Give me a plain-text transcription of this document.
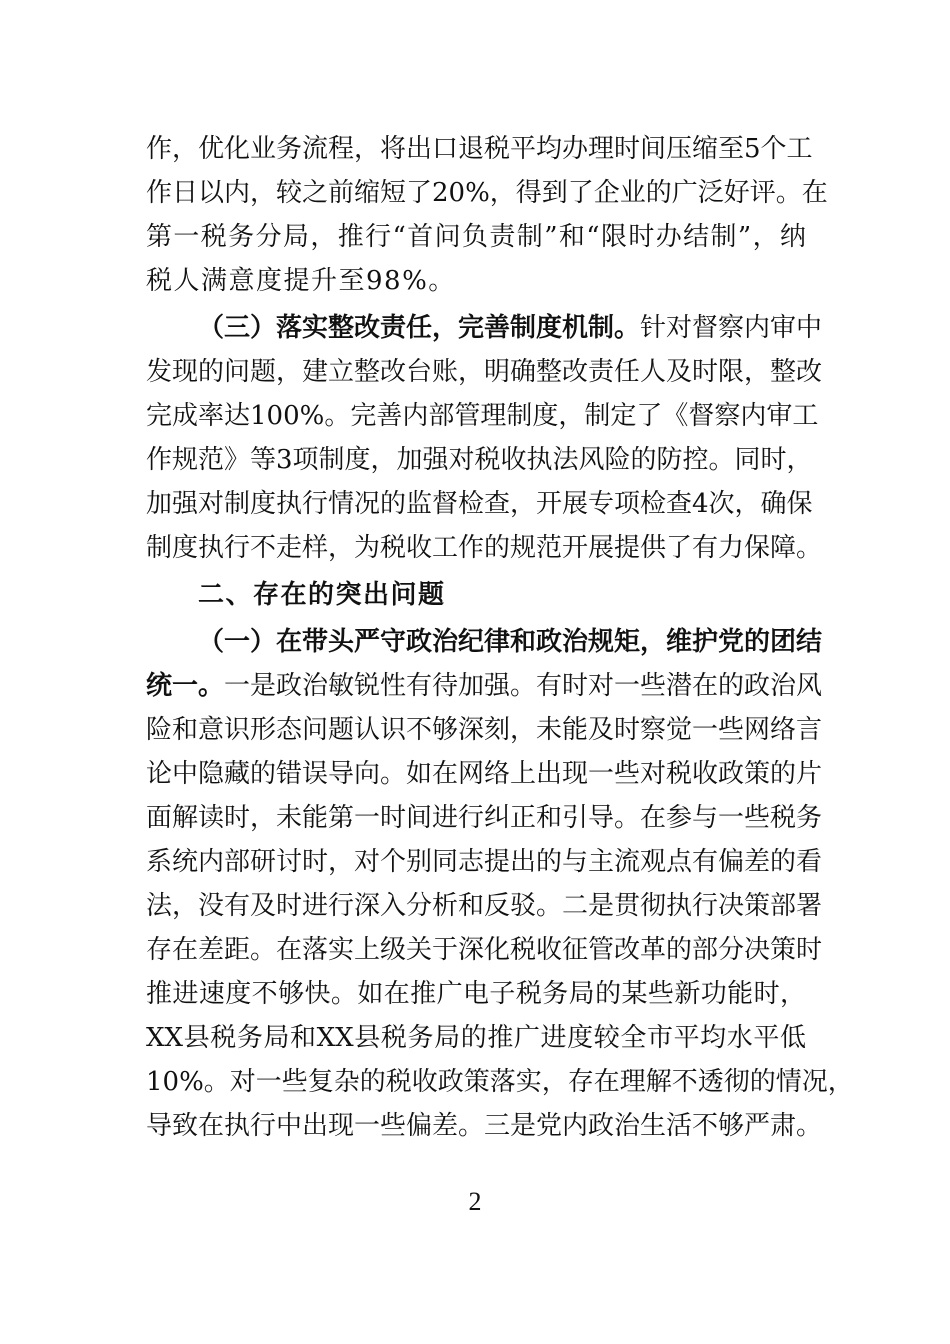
作，优化业务流程，将出口退税平均办理时间压缩至5个工
作日以内，较之前缩短了20%，得到了企业的广泛好评。在
第一税务分局，推行“首问负责制”和“限时办结制”，纳
税人满意度提升至98%。
（三）落实整改责任，完善制度机制。针对督察内审中
发现的问题，建立整改台账，明确整改责任人及时限，整改
完成率达100%。完善内部管理制度，制定了《督察内审工
作规范》等3项制度，加强对税收执法风险的防控。同时，
加强对制度执行情况的监督检查，开展专项检查4次，确保
制度执行不走样，为税收工作的规范开展提供了有力保障。
二、存在的突出问题
（一）在带头严守政治纪律和政治规矩，维护党的团结
统一。一是政治敏锐性有待加强。有时对一些潜在的政治风
险和意识形态问题认识不够深刻，未能及时察觉一些网络言
论中隐藏的错误导向。如在网络上出现一些对税收政策的片
面解读时，未能第一时间进行纠正和引导。在参与一些税务
系统内部研讨时，对个别同志提出的与主流观点有偏差的看
法，没有及时进行深入分析和反驳。二是贯彻执行决策部署
存在差距。在落实上级关于深化税收征管改革的部分决策时
推进速度不够快。如在推广电子税务局的某些新功能时，
XX县税务局和XX县税务局的推广进度较全市平均水平低
10%。对一些复杂的税收政策落实，存在理解不透彻的情况，
导致在执行中出现一些偏差。三是党内政治生活不够严肃。
2
